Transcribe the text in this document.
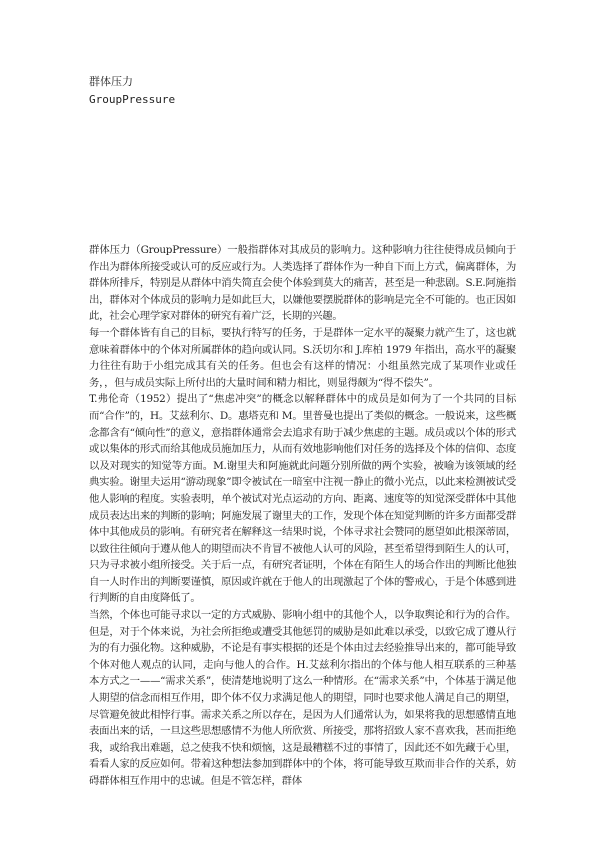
群体压力
GroupPressure

群体压力（GroupPressure）一般指群体对其成员的影响力。这种影响力往往使得成员倾向于作出为群体所接受或认可的反应或行为。人类选择了群体作为一种自下而上方式，偏离群体，为群体所排斥，特别是从群体中消失简直会使个体验到莫大的痛苦，甚至是一种悲剧。S.E.阿施指出，群体对个体成员的影响力是如此巨大，以嫌他要摆脱群体的影响是完全不可能的。也正因如此，社会心理学家对群体的研究有着广泛，长期的兴趣。

每一个群体皆有自己的目标，要执行特写的任务，于是群体一定水平的凝聚力就产生了，这也就意味着群体中的个体对所属群体的趋向或认同。S.沃切尔和 J.库柏 1979 年指出，高水平的凝聚力往往有助于小组完成其有关的任务。但也会有这样的情况：小组虽然完成了某项作业或任务，，但与成员实际上所付出的大量时间和精力相比，则显得颇为“得不偿失”。

T.弗伦奇（1952）提出了“焦虑冲突”的概念以解释群体中的成员是如何为了一个共同的目标而“合作”的，H。艾兹利尔、D。惠塔克和 M。里普曼也提出了类似的概念。一般说来，这些概念都含有“倾向性”的意义，意指群体通常会去追求有助于减少焦虑的主题。成员或以个体的形式或以集体的形式而给其他成员施加压力，从而有效地影响他们对任务的选择及个体的信仰、态度以及对现实的知觉等方面。M.谢里夫和阿施就此问题分别所做的两个实验，被喻为该领域的经典实验。谢里夫运用“游动现象”即令被试在一暗室中注视一静止的微小光点，以此来检测被试受他人影响的程度。实验表明，单个被试对光点运动的方向、距离、速度等的知觉深受群体中其他成员表达出来的判断的影响；阿施发展了谢里夫的工作，发现个体在知觉判断的许多方面都受群体中其他成员的影响。有研究者在解释这一结果时说，个体寻求社会赞同的愿望如此根深蒂固，以致往往倾向于遵从他人的期望而决不肯冒不被他人认可的风险，甚至希望得到陌生人的认可，只为寻求被小组所接受。关于后一点，有研究者证明，个体在有陌生人的场合作出的判断比他独自一人时作出的判断要谨慎，原因或许就在于他人的出现激起了个体的警戒心，于是个体感到进行判断的自由度降低了。

当然，个体也可能寻求以一定的方式威胁、影响小组中的其他个人，以争取舆论和行为的合作。但是，对于个体来说，为社会所拒绝或遭受其他惩罚的威胁是如此难以承受，以致它成了遵从行为的有力强化物。这种威胁，不论是有事实根据的还是个体由过去经验推导出来的，都可能导致个体对他人观点的认同，走向与他人的合作。H.艾兹利尔指出的个体与他人相互联系的三种基本方式之一——“需求关系”，使清楚地说明了这么一种情形。在“需求关系”中，个体基于满足他人期望的信念而相互作用，即个体不仅力求满足他人的期望，同时也要求他人满足自己的期望，尽管避免彼此相悖行事。需求关系之所以存在，是因为人们通常认为，如果将我的思想感情直地表面出来的话，一旦这些思想感情不为他人所欣赏、所接受，那将招致人家不喜欢我，甚而拒绝我，或给我出难题，总之使我不快和烦恼，这是最糟糕不过的事情了，因此还不如先藏于心里，看看人家的反应如何。带着这种想法参加到群体中的个体，将可能导致互欺而非合作的关系，妨碍群体相互作用中的忠诚。但是不管怎样，群体
